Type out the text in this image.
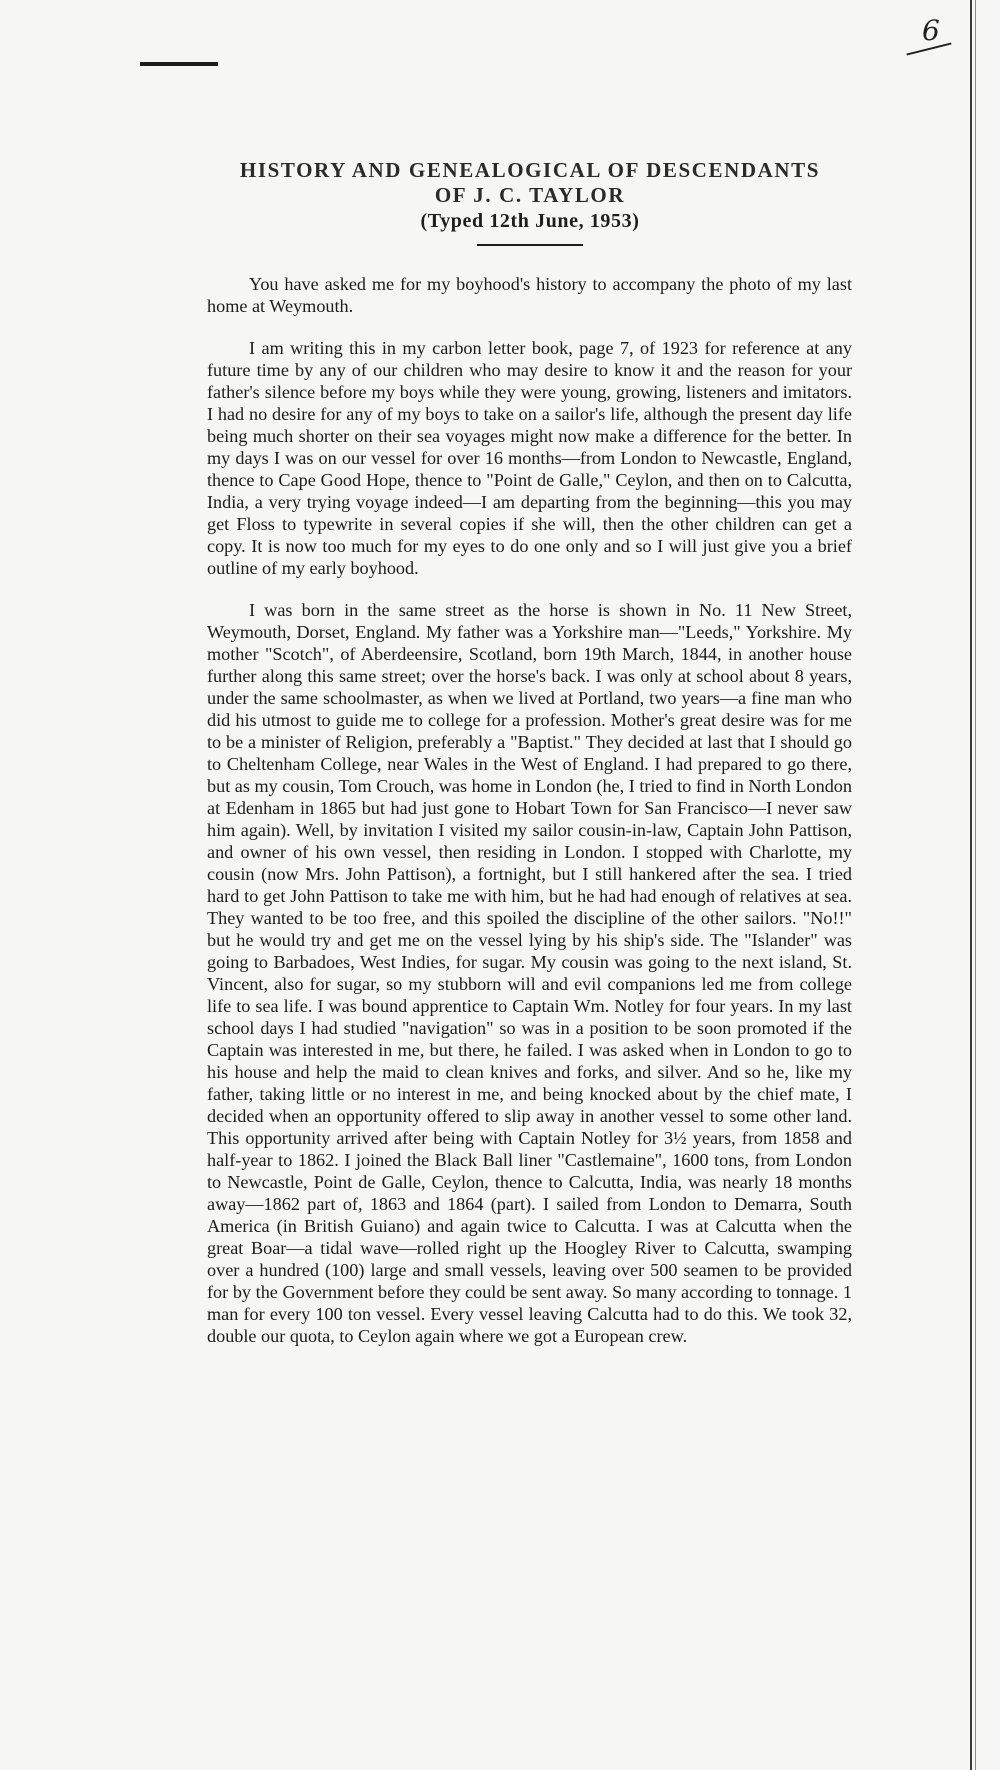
6
HISTORY AND GENEALOGICAL OF DESCENDANTS
OF J. C. TAYLOR
(Typed 12th June, 1953)

You have asked me for my boyhood's history to accompany the photo of my last home at Weymouth.

I am writing this in my carbon letter book, page 7, of 1923 for reference at any future time by any of our children who may desire to know it and the reason for your father's silence before my boys while they were young, growing, listeners and imitators. I had no desire for any of my boys to take on a sailor's life, although the present day life being much shorter on their sea voyages might now make a difference for the better. In my days I was on our vessel for over 16 months—from London to Newcastle, England, thence to Cape Good Hope, thence to "Point de Galle," Ceylon, and then on to Calcutta, India, a very trying voyage indeed—I am departing from the beginning—this you may get Floss to typewrite in several copies if she will, then the other children can get a copy. It is now too much for my eyes to do one only and so I will just give you a brief outline of my early boyhood.

I was born in the same street as the horse is shown in No. 11 New Street, Weymouth, Dorset, England. My father was a Yorkshire man—"Leeds," Yorkshire. My mother "Scotch", of Aberdeensire, Scotland, born 19th March, 1844, in another house further along this same street; over the horse's back. I was only at school about 8 years, under the same schoolmaster, as when we lived at Portland, two years—a fine man who did his utmost to guide me to college for a profession. Mother's great desire was for me to be a minister of Religion, preferably a "Baptist." They decided at last that I should go to Cheltenham College, near Wales in the West of England. I had prepared to go there, but as my cousin, Tom Crouch, was home in London (he, I tried to find in North London at Edenham in 1865 but had just gone to Hobart Town for San Francisco—I never saw him again). Well, by invitation I visited my sailor cousin-in-law, Captain John Pattison, and owner of his own vessel, then residing in London. I stopped with Charlotte, my cousin (now Mrs. John Pattison), a fortnight, but I still hankered after the sea. I tried hard to get John Pattison to take me with him, but he had had enough of relatives at sea. They wanted to be too free, and this spoiled the discipline of the other sailors. "No!!" but he would try and get me on the vessel lying by his ship's side. The "Islander" was going to Barbadoes, West Indies, for sugar. My cousin was going to the next island, St. Vincent, also for sugar, so my stubborn will and evil companions led me from college life to sea life. I was bound apprentice to Captain Wm. Notley for four years. In my last school days I had studied "navigation" so was in a position to be soon promoted if the Captain was interested in me, but there, he failed. I was asked when in London to go to his house and help the maid to clean knives and forks, and silver. And so he, like my father, taking little or no interest in me, and being knocked about by the chief mate, I decided when an opportunity offered to slip away in another vessel to some other land. This opportunity arrived after being with Captain Notley for 3½ years, from 1858 and half-year to 1862. I joined the Black Ball liner "Castlemaine", 1600 tons, from London to Newcastle, Point de Galle, Ceylon, thence to Calcutta, India, was nearly 18 months away—1862 part of, 1863 and 1864 (part). I sailed from London to Demarra, South America (in British Guiano) and again twice to Calcutta. I was at Calcutta when the great Boar—a tidal wave—rolled right up the Hoogley River to Calcutta, swamping over a hundred (100) large and small vessels, leaving over 500 seamen to be provided for by the Government before they could be sent away. So many according to tonnage. 1 man for every 100 ton vessel. Every vessel leaving Calcutta had to do this. We took 32, double our quota, to Ceylon again where we got a European crew.
